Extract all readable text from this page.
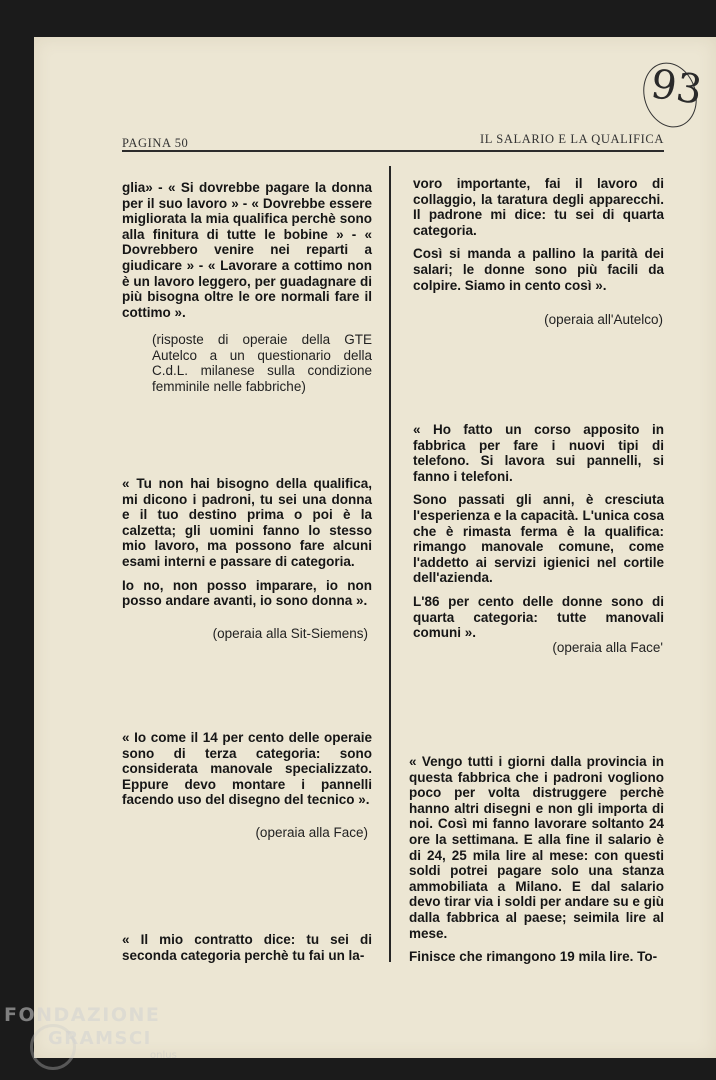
93
PAGINA 50	IL SALARIO E LA QUALIFICA

glia» - « Si dovrebbe pagare la donna per il suo lavoro » - « Dovrebbe essere migliorata la mia qualifica perchè sono alla finitura di tutte le bobine » - « Dovrebbero venire nei reparti a giudicare » - « Lavorare a cottimo non è un lavoro leggero, per guadagnare di più bisogna oltre le ore normali fare il cottimo ».

(risposte di operaie della GTE Autelco a un questionario della C.d.L. milanese sulla condizione femminile nelle fabbriche)

« Tu non hai bisogno della qualifica, mi dicono i padroni, tu sei una donna e il tuo destino prima o poi è la calzetta; gli uomini fanno lo stesso mio lavoro, ma possono fare alcuni esami interni e passare di categoria.

Io no, non posso imparare, io non posso andare avanti, io sono donna ».

(operaia alla Sit-Siemens)

« Io come il 14 per cento delle operaie sono di terza categoria: sono considerata manovale specializzato. Eppure devo montare i pannelli facendo uso del disegno del tecnico ».

(operaia alla Face)

« Il mio contratto dice: tu sei di seconda categoria perchè tu fai un la-

voro importante, fai il lavoro di collaggio, la taratura degli apparecchi. Il padrone mi dice: tu sei di quarta categoria.

Così si manda a pallino la parità dei salari; le donne sono più facili da colpire. Siamo in cento così ».

(operaia all'Autelco)

« Ho fatto un corso apposito in fabbrica per fare i nuovi tipi di telefono. Si lavora sui pannelli, si fanno i telefoni.

Sono passati gli anni, è cresciuta l'esperienza e la capacità. L'unica cosa che è rimasta ferma è la qualifica: rimango manovale comune, come l'addetto ai servizi igienici nel cortile dell'azienda.

L'86 per cento delle donne sono di quarta categoria: tutte manovali comuni ».

(operaia alla Face'

« Vengo tutti i giorni dalla provincia in questa fabbrica che i padroni vogliono poco per volta distruggere perchè hanno altri disegni e non gli importa di noi. Così mi fanno lavorare soltanto 24 ore la settimana. E alla fine il salario è di 24, 25 mila lire al mese: con questi soldi potrei pagare solo una stanza ammobiliata a Milano. E dal salario devo tirar via i soldi per andare su e giù dalla fabbrica al paese; seimila lire al mese.

Finisce che rimangono 19 mila lire. To-

FONDAZIONE
GRAMSCI
onlus
